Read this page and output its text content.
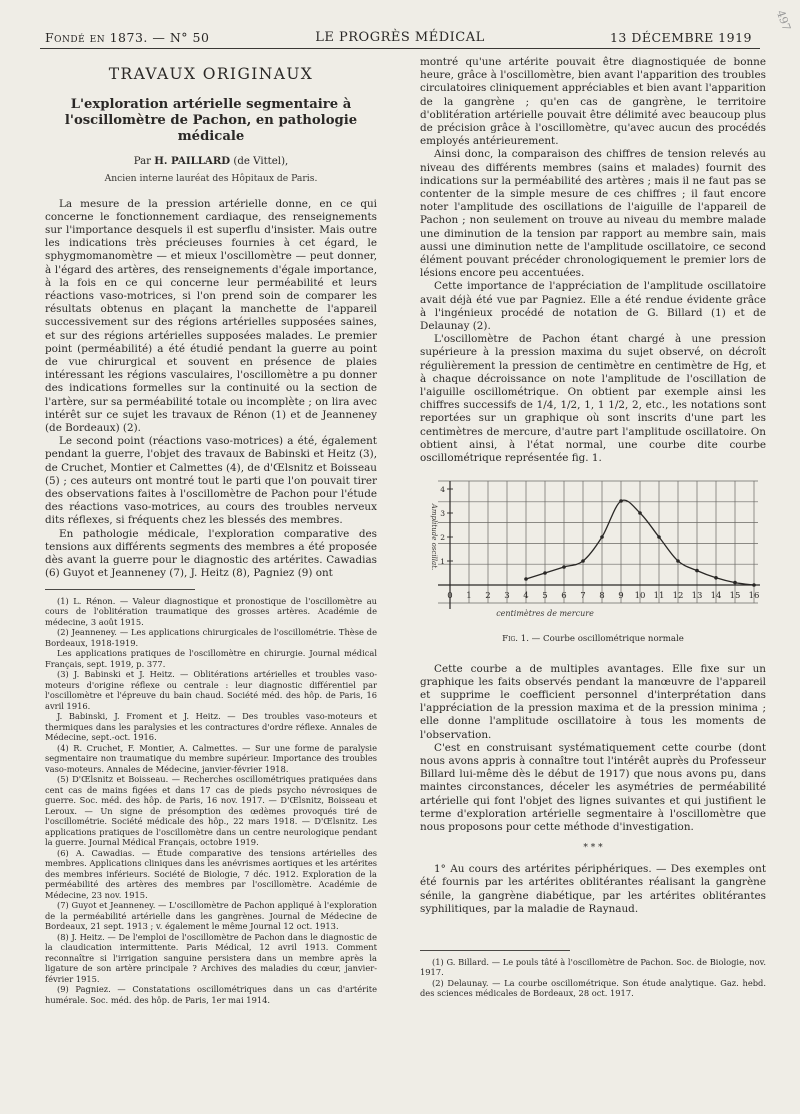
497
Fondé en 1873. — N° 50	LE PROGRÈS MÉDICAL	13 DÉCEMBRE 1919
TRAVAUX ORIGINAUX
L'exploration artérielle segmentaire à
l'oscillomètre de Pachon, en pathologie médicale
Par H. PAILLARD (de Vittel),
Ancien interne lauréat des Hôpitaux de Paris.

La mesure de la pression artérielle donne, en ce qui concerne le fonctionnement cardiaque, des renseignements sur l'importance desquels il est superflu d'insister. Mais outre les indications très précieuses fournies à cet égard, le sphygmomanomètre — et mieux l'oscillomètre — peut donner, à l'égard des artères, des renseignements d'égale importance, à la fois en ce qui concerne leur perméabilité et leurs réactions vaso-motrices, si l'on prend soin de comparer les résultats obtenus en plaçant la manchette de l'appareil successivement sur des régions artérielles supposées saines, et sur des régions artérielles supposées malades. Le premier point (perméabilité) a été étudié pendant la guerre au point de vue chirurgical et souvent en présence de plaies intéressant les régions vasculaires, l'oscillomètre a pu donner des indications formelles sur la continuité ou la section de l'artère, sur sa perméabilité totale ou incomplète ; on lira avec intérêt sur ce sujet les travaux de Rénon (1) et de Jeanneney (de Bordeaux) (2).

Le second point (réactions vaso-motrices) a été, également pendant la guerre, l'objet des travaux de Babinski et Heitz (3), de Cruchet, Montier et Calmettes (4), de d'Œlsnitz et Boisseau (5) ; ces auteurs ont montré tout le parti que l'on pouvait tirer des observations faites à l'oscillomètre de Pachon pour l'étude des réactions vaso-motrices, au cours des troubles nerveux dits réflexes, si fréquents chez les blessés des membres.

En pathologie médicale, l'exploration comparative des tensions aux différents segments des membres a été proposée dès avant la guerre pour le diagnostic des artérites. Cawadias (6) Guyot et Jeanneney (7), J. Heitz (8), Pagniez (9) ont

(1) L. Rénon. — Valeur diagnostique et pronostique de l'oscillomètre au cours de l'oblitération traumatique des grosses artères. Académie de médecine, 3 août 1915.

(2) Jeanneney. — Les applications chirurgicales de l'oscillométrie. Thèse de Bordeaux, 1918-1919.

Les applications pratiques de l'oscillomètre en chirurgie. Journal médical Français, sept. 1919, p. 377.

(3) J. Babinski et J. Heitz. — Oblitérations artérielles et troubles vaso-moteurs d'origine réflexe ou centrale : leur diagnostic différentiel par l'oscillomètre et l'épreuve du bain chaud. Société méd. des hôp. de Paris, 16 avril 1916.

J. Babinski, J. Froment et J. Heitz. — Des troubles vaso-moteurs et thermiques dans les paralysies et les contractures d'ordre réflexe. Annales de Médecine, sept.-oct. 1916.

(4) R. Cruchet, F. Montier, A. Calmettes. — Sur une forme de paralysie segmentaire non traumatique du membre supérieur. Importance des troubles vaso-moteurs. Annales de Médecine, janvier-février 1918.

(5) D'Œlsnitz et Boisseau. — Recherches oscillométriques pratiquées dans cent cas de mains figées et dans 17 cas de pieds psycho névrosiques de guerre. Soc. méd. des hôp. de Paris, 16 nov. 1917. — D'Œlsnitz, Boisseau et Leroux. — Un signe de présomption des œdèmes provoqués tiré de l'oscillométrie. Société médicale des hôp., 22 mars 1918. — D'Œlsnitz. Les applications pratiques de l'oscillomètre dans un centre neurologique pendant la guerre. Journal Médical Français, octobre 1919.

(6) A. Cawadias. — Étude comparative des tensions artérielles des membres. Applications cliniques dans les anévrismes aortiques et les artérites des membres inférieurs. Société de Biologie, 7 déc. 1912. Exploration de la perméabilité des artères des membres par l'oscillomètre. Académie de Médecine, 23 nov. 1915.

(7) Guyot et Jeanneney. — L'oscillomètre de Pachon appliqué à l'exploration de la perméabilité artérielle dans les gangrènes. Journal de Médecine de Bordeaux, 21 sept. 1913 ; v. également le même Journal 12 oct. 1913.

(8) J. Heitz. — De l'emploi de l'oscillomètre de Pachon dans le diagnostic de la claudication intermittente. Paris Médical, 12 avril 1913. Comment reconnaître si l'irrigation sanguine persistera dans un membre après la ligature de son artère principale ? Archives des maladies du cœur, janvier-février 1915.

(9) Pagniez. — Constatations oscillométriques dans un cas d'artérite humérale. Soc. méd. des hôp. de Paris, 1er mai 1914.

montré qu'une artérite pouvait être diagnostiquée de bonne heure, grâce à l'oscillomètre, bien avant l'apparition des troubles circulatoires cliniquement appréciables et bien avant l'apparition de la gangrène ; qu'en cas de gangrène, le territoire d'oblitération artérielle pouvait être délimité avec beaucoup plus de précision grâce à l'oscillomètre, qu'avec aucun des procédés employés antérieurement.

Ainsi donc, la comparaison des chiffres de tension relevés au niveau des différents membres (sains et malades) fournit des indications sur la perméabilité des artères ; mais il ne faut pas se contenter de la simple mesure de ces chiffres ; il faut encore noter l'amplitude des oscillations de l'aiguille de l'appareil de Pachon ; non seulement on trouve au niveau du membre malade une diminution de la tension par rapport au membre sain, mais aussi une diminution nette de l'amplitude oscillatoire, ce second élément pouvant précéder chronologiquement le premier lors de lésions encore peu accentuées.

Cette importance de l'appréciation de l'amplitude oscillatoire avait déjà été vue par Pagniez. Elle a été rendue évidente grâce à l'ingénieux procédé de notation de G. Billard (1) et de Delaunay (2).

L'oscillomètre de Pachon étant chargé à une pression supérieure à la pression maxima du sujet observé, on décroît régulièrement la pression de centimètre en centimètre de Hg, et à chaque décroissance on note l'amplitude de l'oscillation de l'aiguille oscillométrique. On obtient par exemple ainsi les chiffres successifs de 1/4, 1/2, 1, 1 1/2, 2, etc., les notations sont reportées sur un graphique où sont inscrits d'une part les centimètres de mercure, d'autre part l'amplitude oscillatoire. On obtient ainsi, à l'état normal, une courbe dite courbe oscillométrique représentée fig. 1.

0 1 2 3 4 5 6 7 8 9 10 11 12 13 14 15 16
1
2
3
4
Amplitude oscillat.
centimètres de mercure
Fig. 1. — Courbe oscillométrique normale

Cette courbe a de multiples avantages. Elle fixe sur un graphique les faits observés pendant la manœuvre de l'appareil et supprime le coefficient personnel d'interprétation dans l'appréciation de la pression maxima et de la pression minima ; elle donne l'amplitude oscillatoire à tous les moments de l'observation.

C'est en construisant systématiquement cette courbe (dont nous avons appris à connaître tout l'intérêt auprès du Professeur Billard lui-même dès le début de 1917) que nous avons pu, dans maintes circonstances, déceler les asymétries de perméabilité artérielle qui font l'objet des lignes suivantes et qui justifient le terme d'exploration artérielle segmentaire à l'oscillomètre que nous proposons pour cette méthode d'investigation.

* * *

1° Au cours des artérites périphériques. — Des exemples ont été fournis par les artérites oblitérantes réalisant la gangrène sénile, la gangrène diabétique, par les artérites oblitérantes syphilitiques, par la maladie de Raynaud.

(1) G. Billard. — Le pouls tâté à l'oscillomètre de Pachon. Soc. de Biologie, nov. 1917.

(2) Delaunay. — La courbe oscillométrique. Son étude analytique. Gaz. hebd. des sciences médicales de Bordeaux, 28 oct. 1917.
